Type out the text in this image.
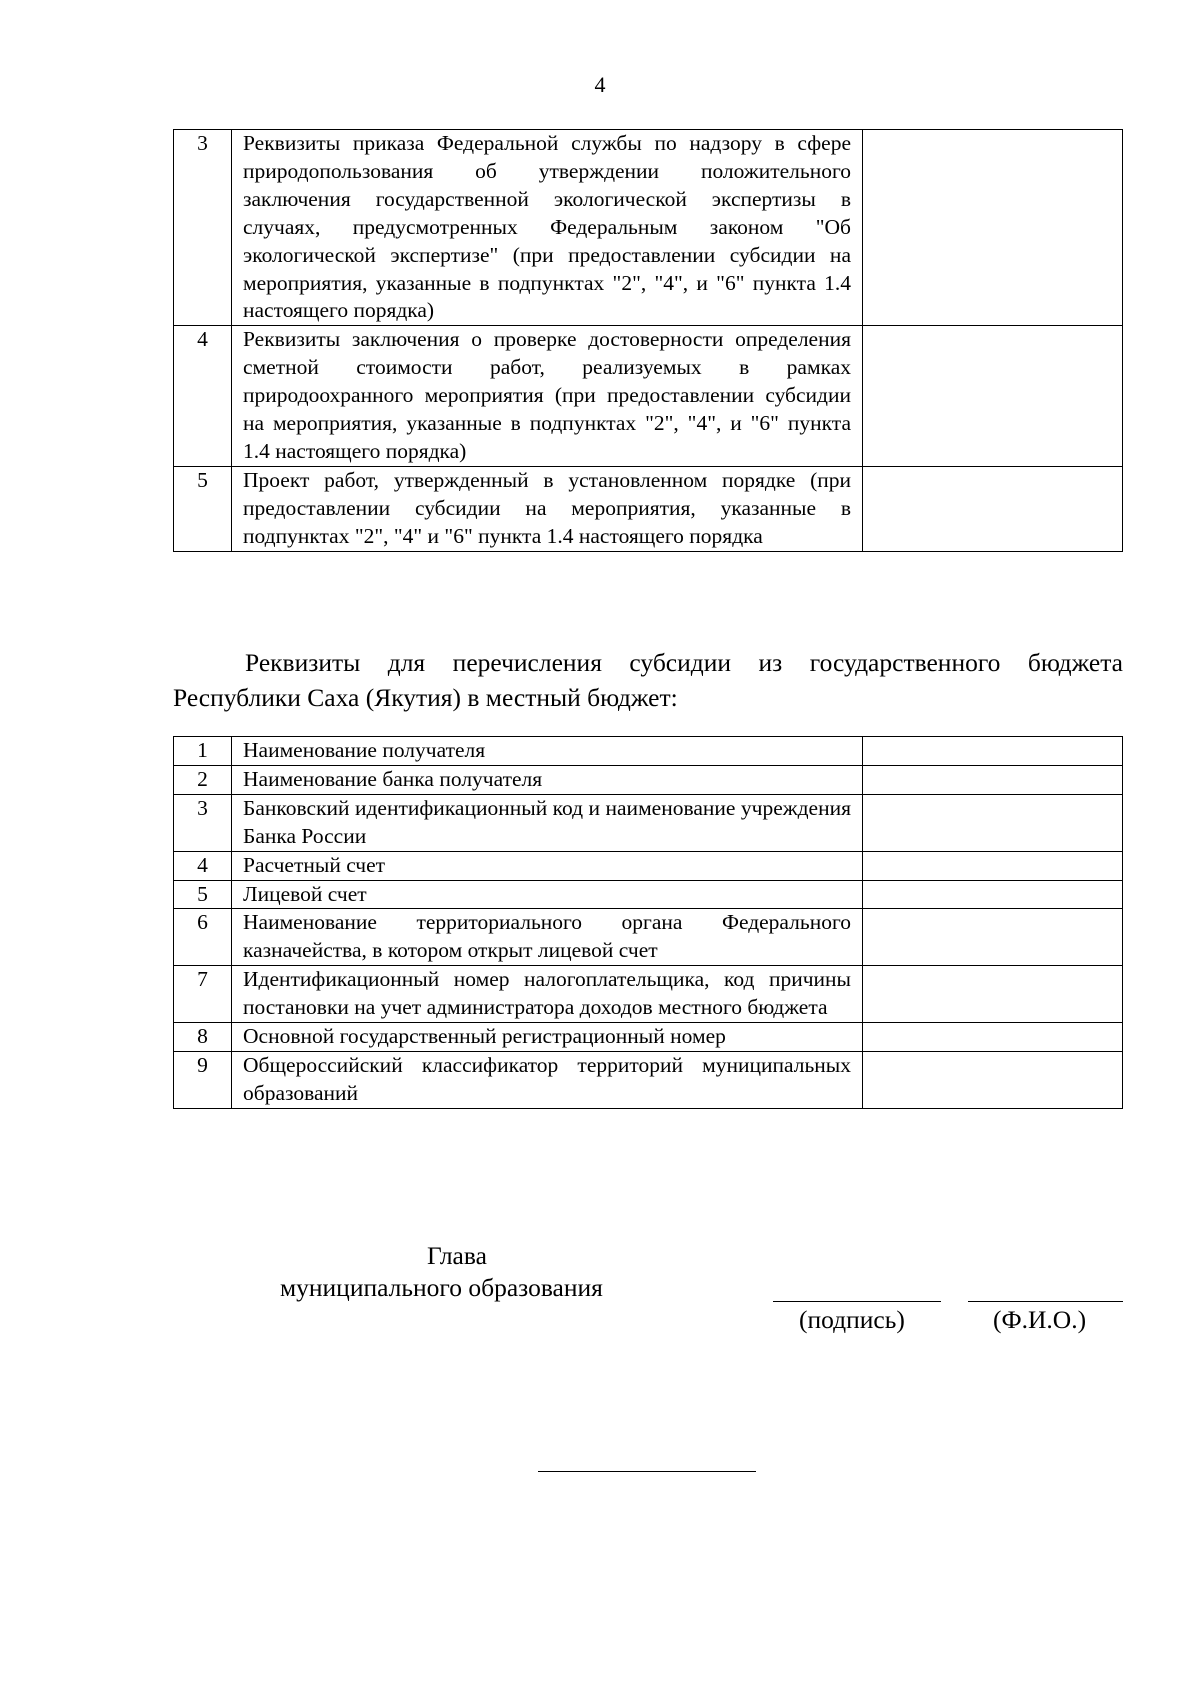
4
3	Реквизиты приказа Федеральной службы по надзору в сфере природопользования об утверждении положительного заключения государственной экологической экспертизы в случаях, предусмотренных Федеральным законом "Об экологической экспертизе" (при предоставлении субсидии на мероприятия, указанные в подпунктах "2", "4", и "6" пункта 1.4 настоящего порядка)	
4	Реквизиты заключения о проверке достоверности определения сметной стоимости работ, реализуемых в рамках природоохранного мероприятия (при предоставлении субсидии на мероприятия, указанные в подпунктах "2", "4", и "6" пункта 1.4 настоящего порядка)	
5	Проект работ, утвержденный в установленном порядке (при предоставлении субсидии на мероприятия, указанные в подпунктах "2", "4" и "6" пункта 1.4 настоящего порядка	

Реквизиты для перечисления субсидии из государственного бюджета Республики Саха (Якутия) в местный бюджет:

1	Наименование получателя	
2	Наименование банка получателя	
3	Банковский идентификационный код и наименование учреждения Банка России	
4	Расчетный счет	
5	Лицевой счет	
6	Наименование территориального органа Федерального казначейства, в котором открыт лицевой счет	
7	Идентификационный номер налогоплательщика, код причины постановки на учет администратора доходов местного бюджета	
8	Основной государственный регистрационный номер	
9	Общероссийский классификатор территорий муниципальных образований	
Глава
муниципального образования
(подпись)	(Ф.И.О.)
